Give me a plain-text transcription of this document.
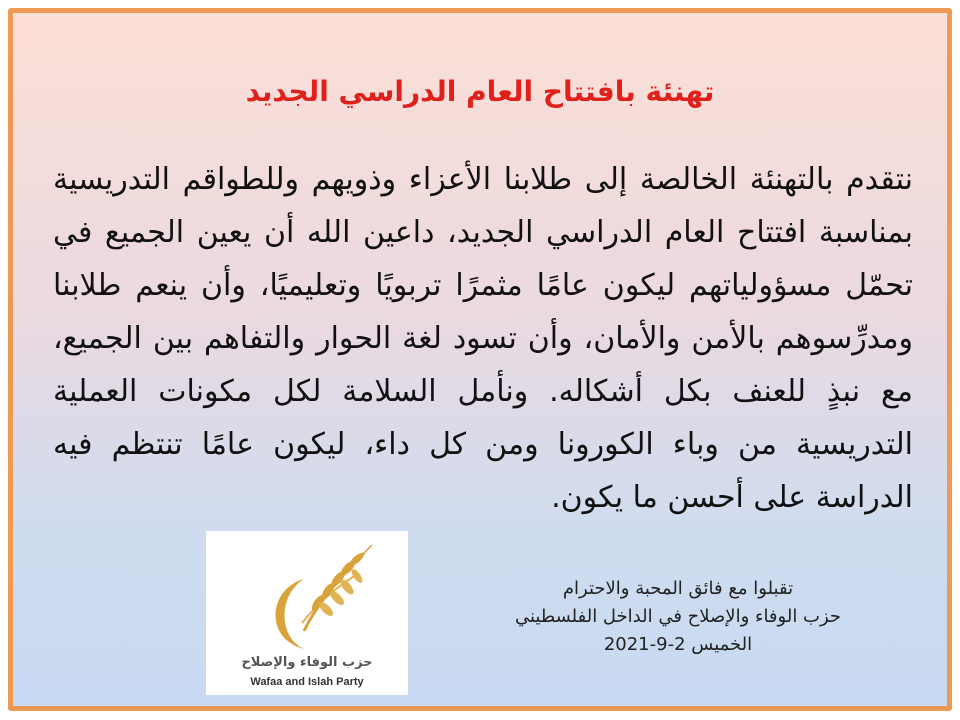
تهنئة بافتتاح العام الدراسي الجديد
نتقدم بالتهنئة الخالصة إلى طلابنا الأعزاء وذويهم وللطواقم التدريسية بمناسبة افتتاح العام الدراسي الجديد، داعين الله أن يعين الجميع في تحمّل مسؤولياتهم ليكون عامًا مثمرًا تربويًا وتعليميًا، وأن ينعم طلابنا ومدرِّسوهم بالأمن والأمان، وأن تسود لغة الحوار والتفاهم بين الجميع، مع نبذٍ للعنف بكل أشكاله. ونأمل السلامة لكل مكونات العملية التدريسية من وباء الكورونا ومن كل داء، ليكون عامًا تنتظم فيه الدراسة على أحسن ما يكون.
حزب الوفاء والإصلاح
Wafaa and Islah Party
تقبلوا مع فائق المحبة والاحترام
حزب الوفاء والإصلاح في الداخل الفلسطيني
الخميس 2-9-2021
